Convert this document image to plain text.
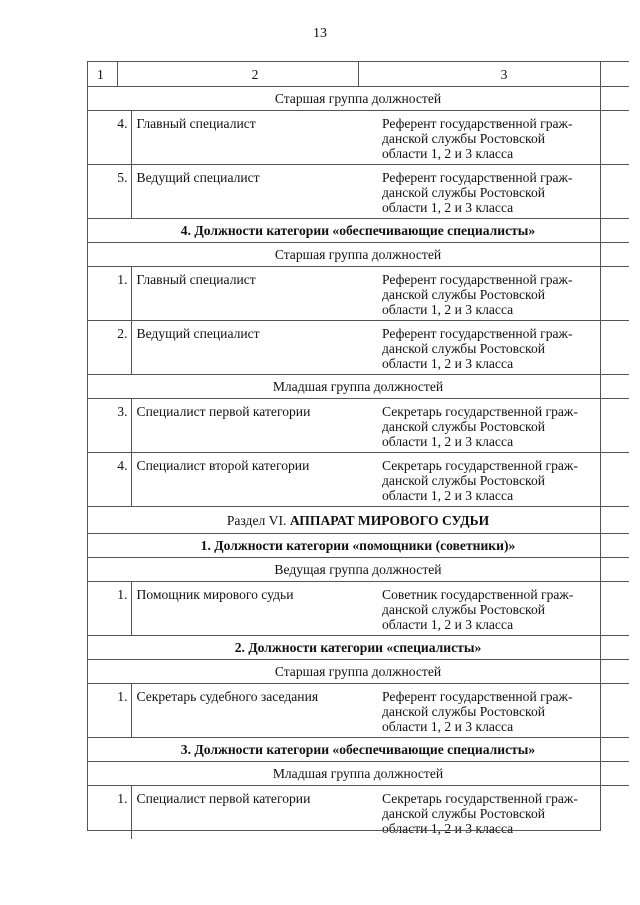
13
1	2	3
Старшая группа должностей		
4.	Главный специалист	Референт государственной граж-
данской службы Ростовской
области 1, 2 и 3 класса

5.	Ведущий специалист	Референт государственной граж-
данской службы Ростовской
области 1, 2 и 3 класса

4. Должности категории «обеспечивающие специалисты»		
Старшая группа должностей		
1.	Главный специалист	Референт государственной граж-
данской службы Ростовской
области 1, 2 и 3 класса

2.	Ведущий специалист	Референт государственной граж-
данской службы Ростовской
области 1, 2 и 3 класса

Младшая группа должностей		
3.	Специалист первой категории	Секретарь государственной граж-
данской службы Ростовской
области 1, 2 и 3 класса

4.	Специалист второй категории	Секретарь государственной граж-
данской службы Ростовской
области 1, 2 и 3 класса

Раздел VI. АППАРАТ МИРОВОГО СУДЬИ		
1. Должности категории «помощники (советники)»		
Ведущая группа должностей		
1.	Помощник мирового судьи	Советник государственной граж-
данской службы Ростовской
области 1, 2 и 3 класса

2. Должности категории «специалисты»		
Старшая группа должностей		
1.	Секретарь судебного заседания	Референт государственной граж-
данской службы Ростовской
области 1, 2 и 3 класса

3. Должности категории «обеспечивающие специалисты»		
Младшая группа должностей		
1.	Специалист первой категории	Секретарь государственной граж-
данской службы Ростовской
области 1, 2 и 3 класса
